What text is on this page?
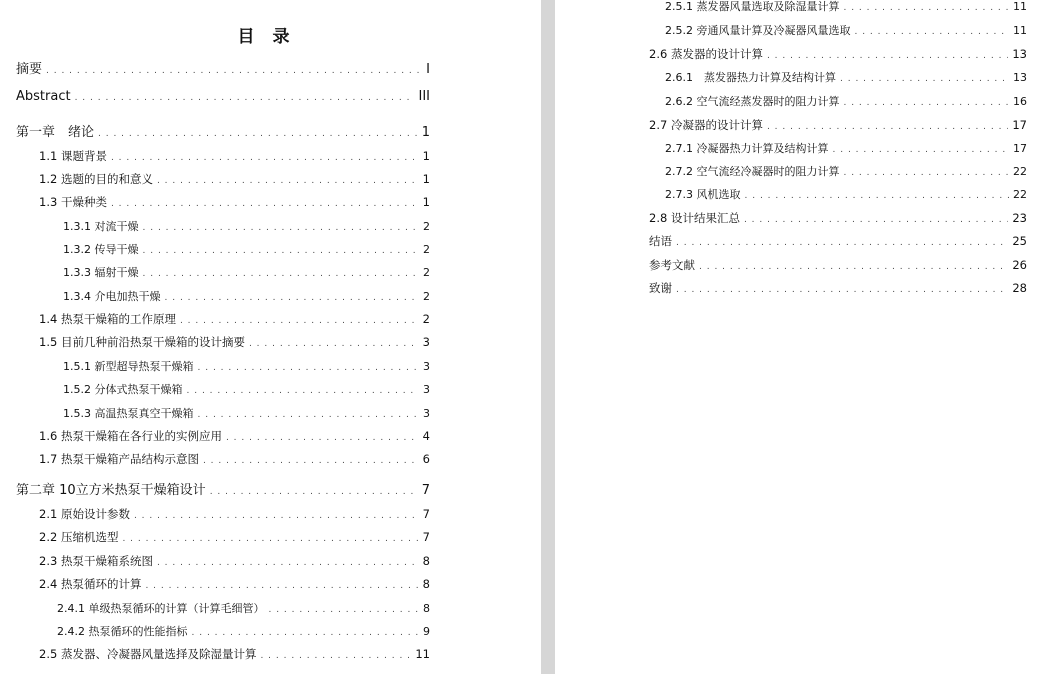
目 录
摘要 . . .	I
Abstract . . .	III
第一章　绪论 . . .	1
1.1 课题背景 . . .	1
1.2 选题的目的和意义 . . .	1
1.3 干燥种类 . . .	1
1.3.1 对流干燥 . . .	2
1.3.2 传导干燥 . . .	2
1.3.3 辐射干燥 . . .	2
1.3.4 介电加热干燥 . . .	2
1.4 热泵干燥箱的工作原理 . . .	2
1.5 目前几种前沿热泵干燥箱的设计摘要 . . .	3
1.5.1 新型超导热泵干燥箱 . . .	3
1.5.2 分体式热泵干燥箱 . . .	3
1.5.3 高温热泵真空干燥箱 . . .	3
1.6 热泵干燥箱在各行业的实例应用 . . .	4
1.7 热泵干燥箱产品结构示意图 . . .	6
第二章 10立方米热泵干燥箱设计 . . .	7
2.1 原始设计参数 . . .	7
2.2 压缩机选型 . . .	7
2.3 热泵干燥箱系统图 . . .	8
2.4 热泵循环的计算 . . .	8
2.4.1 单级热泵循环的计算（计算毛细管） . . .	8
2.4.2 热泵循环的性能指标 . . .	9
2.5 蒸发器、冷凝器风量选择及除湿量计算 . . .	11
2.5.1 蒸发器风量选取及除湿量计算 . . .	11
2.5.2 旁通风量计算及冷凝器风量选取 . . .	11
2.6 蒸发器的设计计算 . . .	13
2.6.1　蒸发器热力计算及结构计算 . . .	13
2.6.2 空气流经蒸发器时的阻力计算 . . .	16
2.7 冷凝器的设计计算 . . .	17
2.7.1 冷凝器热力计算及结构计算 . . .	17
2.7.2 空气流经冷凝器时的阻力计算 . . .	22
2.7.3 风机选取 . . .	22
2.8 设计结果汇总 . . .	23
结语 . . .	25
参考文献 . . .	26
致谢 . . .	28
